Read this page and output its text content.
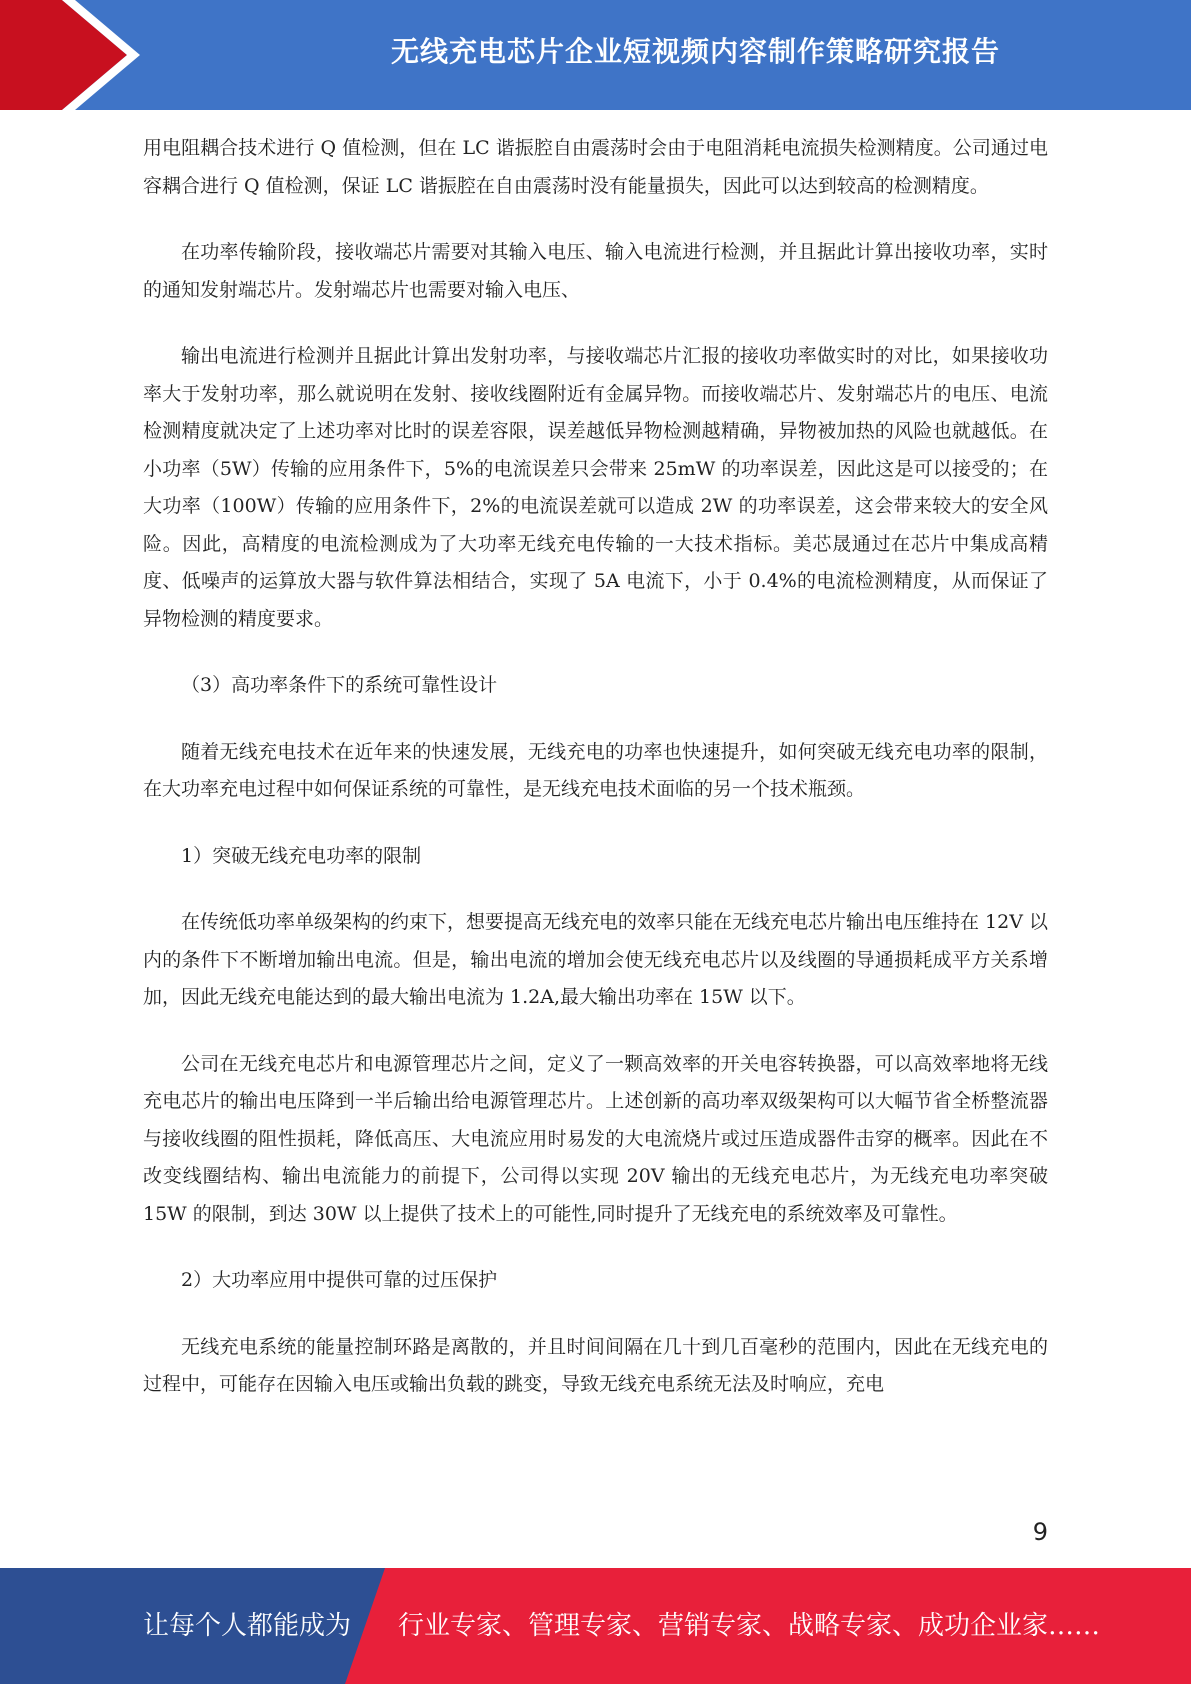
无线充电芯片企业短视频内容制作策略研究报告

用电阻耦合技术进行 Q 值检测，但在 LC 谐振腔自由震荡时会由于电阻消耗电流损失检测精度。公司通过电容耦合进行 Q 值检测，保证 LC 谐振腔在自由震荡时没有能量损失，因此可以达到较高的检测精度。

在功率传输阶段，接收端芯片需要对其输入电压、输入电流进行检测，并且据此计算出接收功率，实时的通知发射端芯片。发射端芯片也需要对输入电压、

输出电流进行检测并且据此计算出发射功率，与接收端芯片汇报的接收功率做实时的对比，如果接收功率大于发射功率，那么就说明在发射、接收线圈附近有金属异物。而接收端芯片、发射端芯片的电压、电流检测精度就决定了上述功率对比时的误差容限，误差越低异物检测越精确，异物被加热的风险也就越低。在小功率（5W）传输的应用条件下，5%的电流误差只会带来 25mW 的功率误差，因此这是可以接受的；在大功率（100W）传输的应用条件下，2%的电流误差就可以造成 2W 的功率误差，这会带来较大的安全风险。因此，高精度的电流检测成为了大功率无线充电传输的一大技术指标。美芯晟通过在芯片中集成高精度、低噪声的运算放大器与软件算法相结合，实现了 5A 电流下，小于 0.4%的电流检测精度，从而保证了异物检测的精度要求。

（3）高功率条件下的系统可靠性设计

随着无线充电技术在近年来的快速发展，无线充电的功率也快速提升，如何突破无线充电功率的限制，在大功率充电过程中如何保证系统的可靠性，是无线充电技术面临的另一个技术瓶颈。

1）突破无线充电功率的限制

在传统低功率单级架构的约束下，想要提高无线充电的效率只能在无线充电芯片输出电压维持在 12V 以内的条件下不断增加输出电流。但是，输出电流的增加会使无线充电芯片以及线圈的导通损耗成平方关系增加，因此无线充电能达到的最大输出电流为 1.2A,最大输出功率在 15W 以下。

公司在无线充电芯片和电源管理芯片之间，定义了一颗高效率的开关电容转换器，可以高效率地将无线充电芯片的输出电压降到一半后输出给电源管理芯片。上述创新的高功率双级架构可以大幅节省全桥整流器与接收线圈的阻性损耗，降低高压、大电流应用时易发的大电流烧片或过压造成器件击穿的概率。因此在不改变线圈结构、输出电流能力的前提下，公司得以实现 20V 输出的无线充电芯片，为无线充电功率突破 15W 的限制，到达 30W 以上提供了技术上的可能性,同时提升了无线充电的系统效率及可靠性。

2）大功率应用中提供可靠的过压保护

无线充电系统的能量控制环路是离散的，并且时间间隔在几十到几百毫秒的范围内，因此在无线充电的过程中，可能存在因输入电压或输出负载的跳变，导致无线充电系统无法及时响应，充电

9
让每个人都能成为 行业专家、管理专家、营销专家、战略专家、成功企业家……
